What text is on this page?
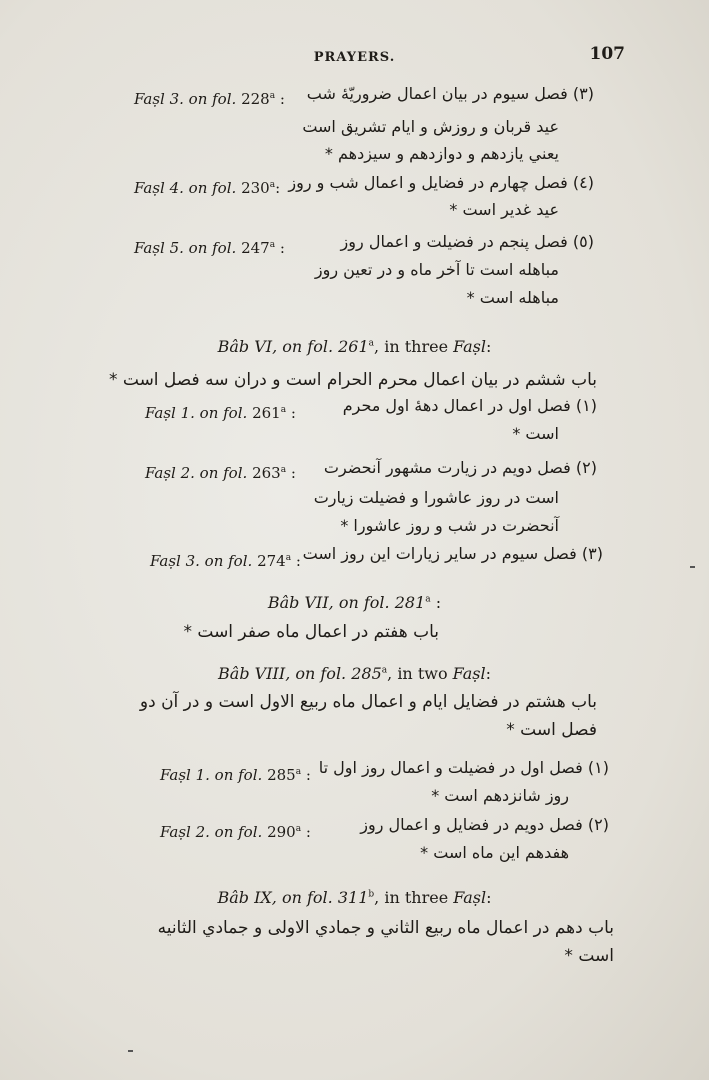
PRAYERS.	107
Faṣl 3. on fol. 228$^a$ : (٣) فصل سيوم در بيان اعمال ضروريّهٔ شب
عيد قربان و روزش و ايام تشريق است
يعني يازدهم و دوازدهم و سيزدهم *
Faṣl 4. on fol. 230$^a$: (٤) فصل چهارم در فضايل و اعمال شب و روز
عيد غدير است *
Faṣl 5. on fol. 247$^a$ :	(٥) فصل پنجم در فضيلت و اعمال روز
مباهله است تا آخر ماه و در تعين روز
مباهله است *
Bâb VI, on fol. 261$^a$, in three Faṣl:
باب ششم در بيان اعمال محرم الحرام است و دران سه فصل است *
Faṣl 1. on fol. 261$^a$ :	(١) فصل اول در اعمال دههٔ اول محرم
است *
Faṣl 2. on fol. 263$^a$ : (٢) فصل دويم در زيارت مشهور آنحضرت
است در روز عاشورا و فضيلت زيارت
آنحضرت در شب و روز عاشورا *
Faṣl 3. on fol. 274$^a$ : (٣) فصل سيوم در ساير زيارات اين روز است
Bâb VII, on fol. 281$^a$ :
باب هفتم در اعمال ماه صفر است *
Bâb VIII, on fol. 285$^a$, in two Faṣl:
باب هشتم در فضايل ايام و اعمال ماه ربيع الاول است و در آن دو
فصل است *
Faṣl 1. on fol. 285$^a$ : (١) فصل اول در فضيلت و اعمال روز اول تا
روز شانزدهم است *
Faṣl 2. on fol. 290$^a$ :	(٢) فصل دويم در فضايل و اعمال روز
هفدهم اين ماه است *
Bâb IX, on fol. 311$^b$, in three Faṣl:
باب دهم در اعمال ماه ربيع الثاني و جمادي الاولی و جمادي الثانيه
است *
